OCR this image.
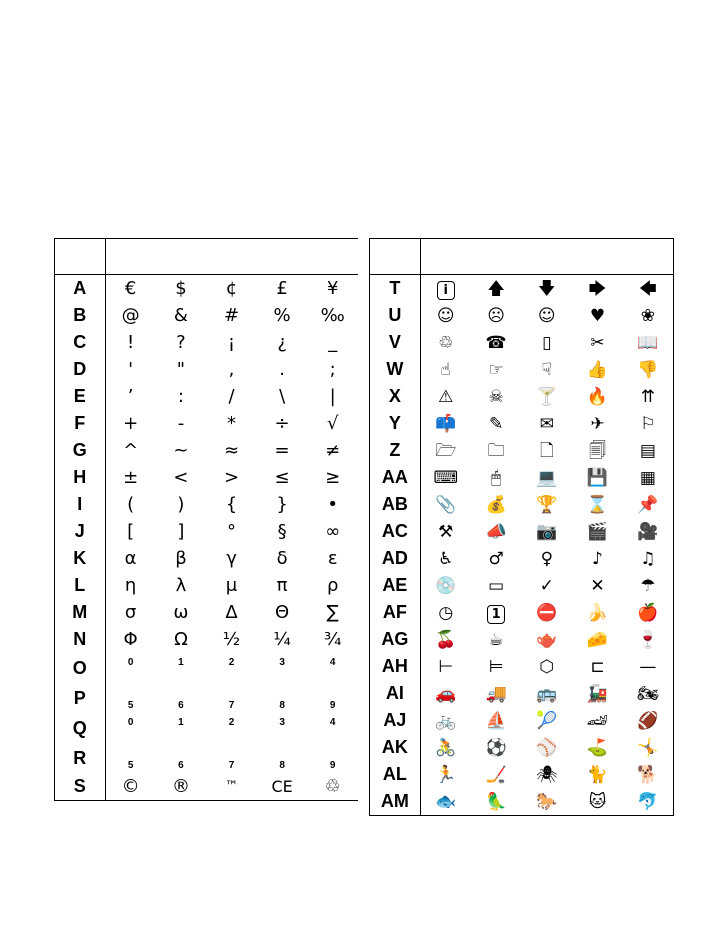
A	€	$	¢	£	¥
B	@	&	#	%	‰
C	!	?	¡	¿	_
D	'	"	,	.	;
E	’	:	/	\	|
F	+	-	*	÷	√
G	^	~	≈	=	≠
H	±	<	>	≤	≥
I	(	)	{	}	•
J	[	]	°	§	∞
K	α	β	γ	δ	ε
L	η	λ	μ	π	ρ
M	σ	ω	Δ	Θ	∑
N	Φ	Ω	½	¼	¾
O	0	1	2	3	4
P	5	6	7	8	9
Q	0	1	2	3	4
R	5	6	7	8	9
S	©	®	™	CE	♲

T	i	🡅	🡇	🡆	🡄
U	☺	☹	☺	♥	❀
V	♲	☎	▯	✂	📖
W	☝	☞	☟	👍	👎
X	⚠	☠	🍸	🔥	⇈
Y	📫	✎	✉	✈	⚐
Z	🗁	🗀	🗋	🗐	▤
AA	⌨	🖱	💻	💾	▦
AB	📎	💰	🏆	⌛	📌
AC	⚒	📣	📷	🎬	🎥
AD	♿	♂	♀	♪	♫
AE	💿	▭	✓	✕	☂
AF	◷	1	⛔	🍌	🍎
AG	🍒	☕	🫖	🧀	🍷
AH	⊢	⊨	⬡	⊏	—
AI	🚗	🚚	🚌	🚂	🏍
AJ	🚲	⛵	🎾	🏎	🏈
AK	🚴	⚽	⚾	⛳	🤸
AL	🏃	🏒	🕷	🐈	🐕
AM	🐟	🦜	🐎	🐱	🐬
